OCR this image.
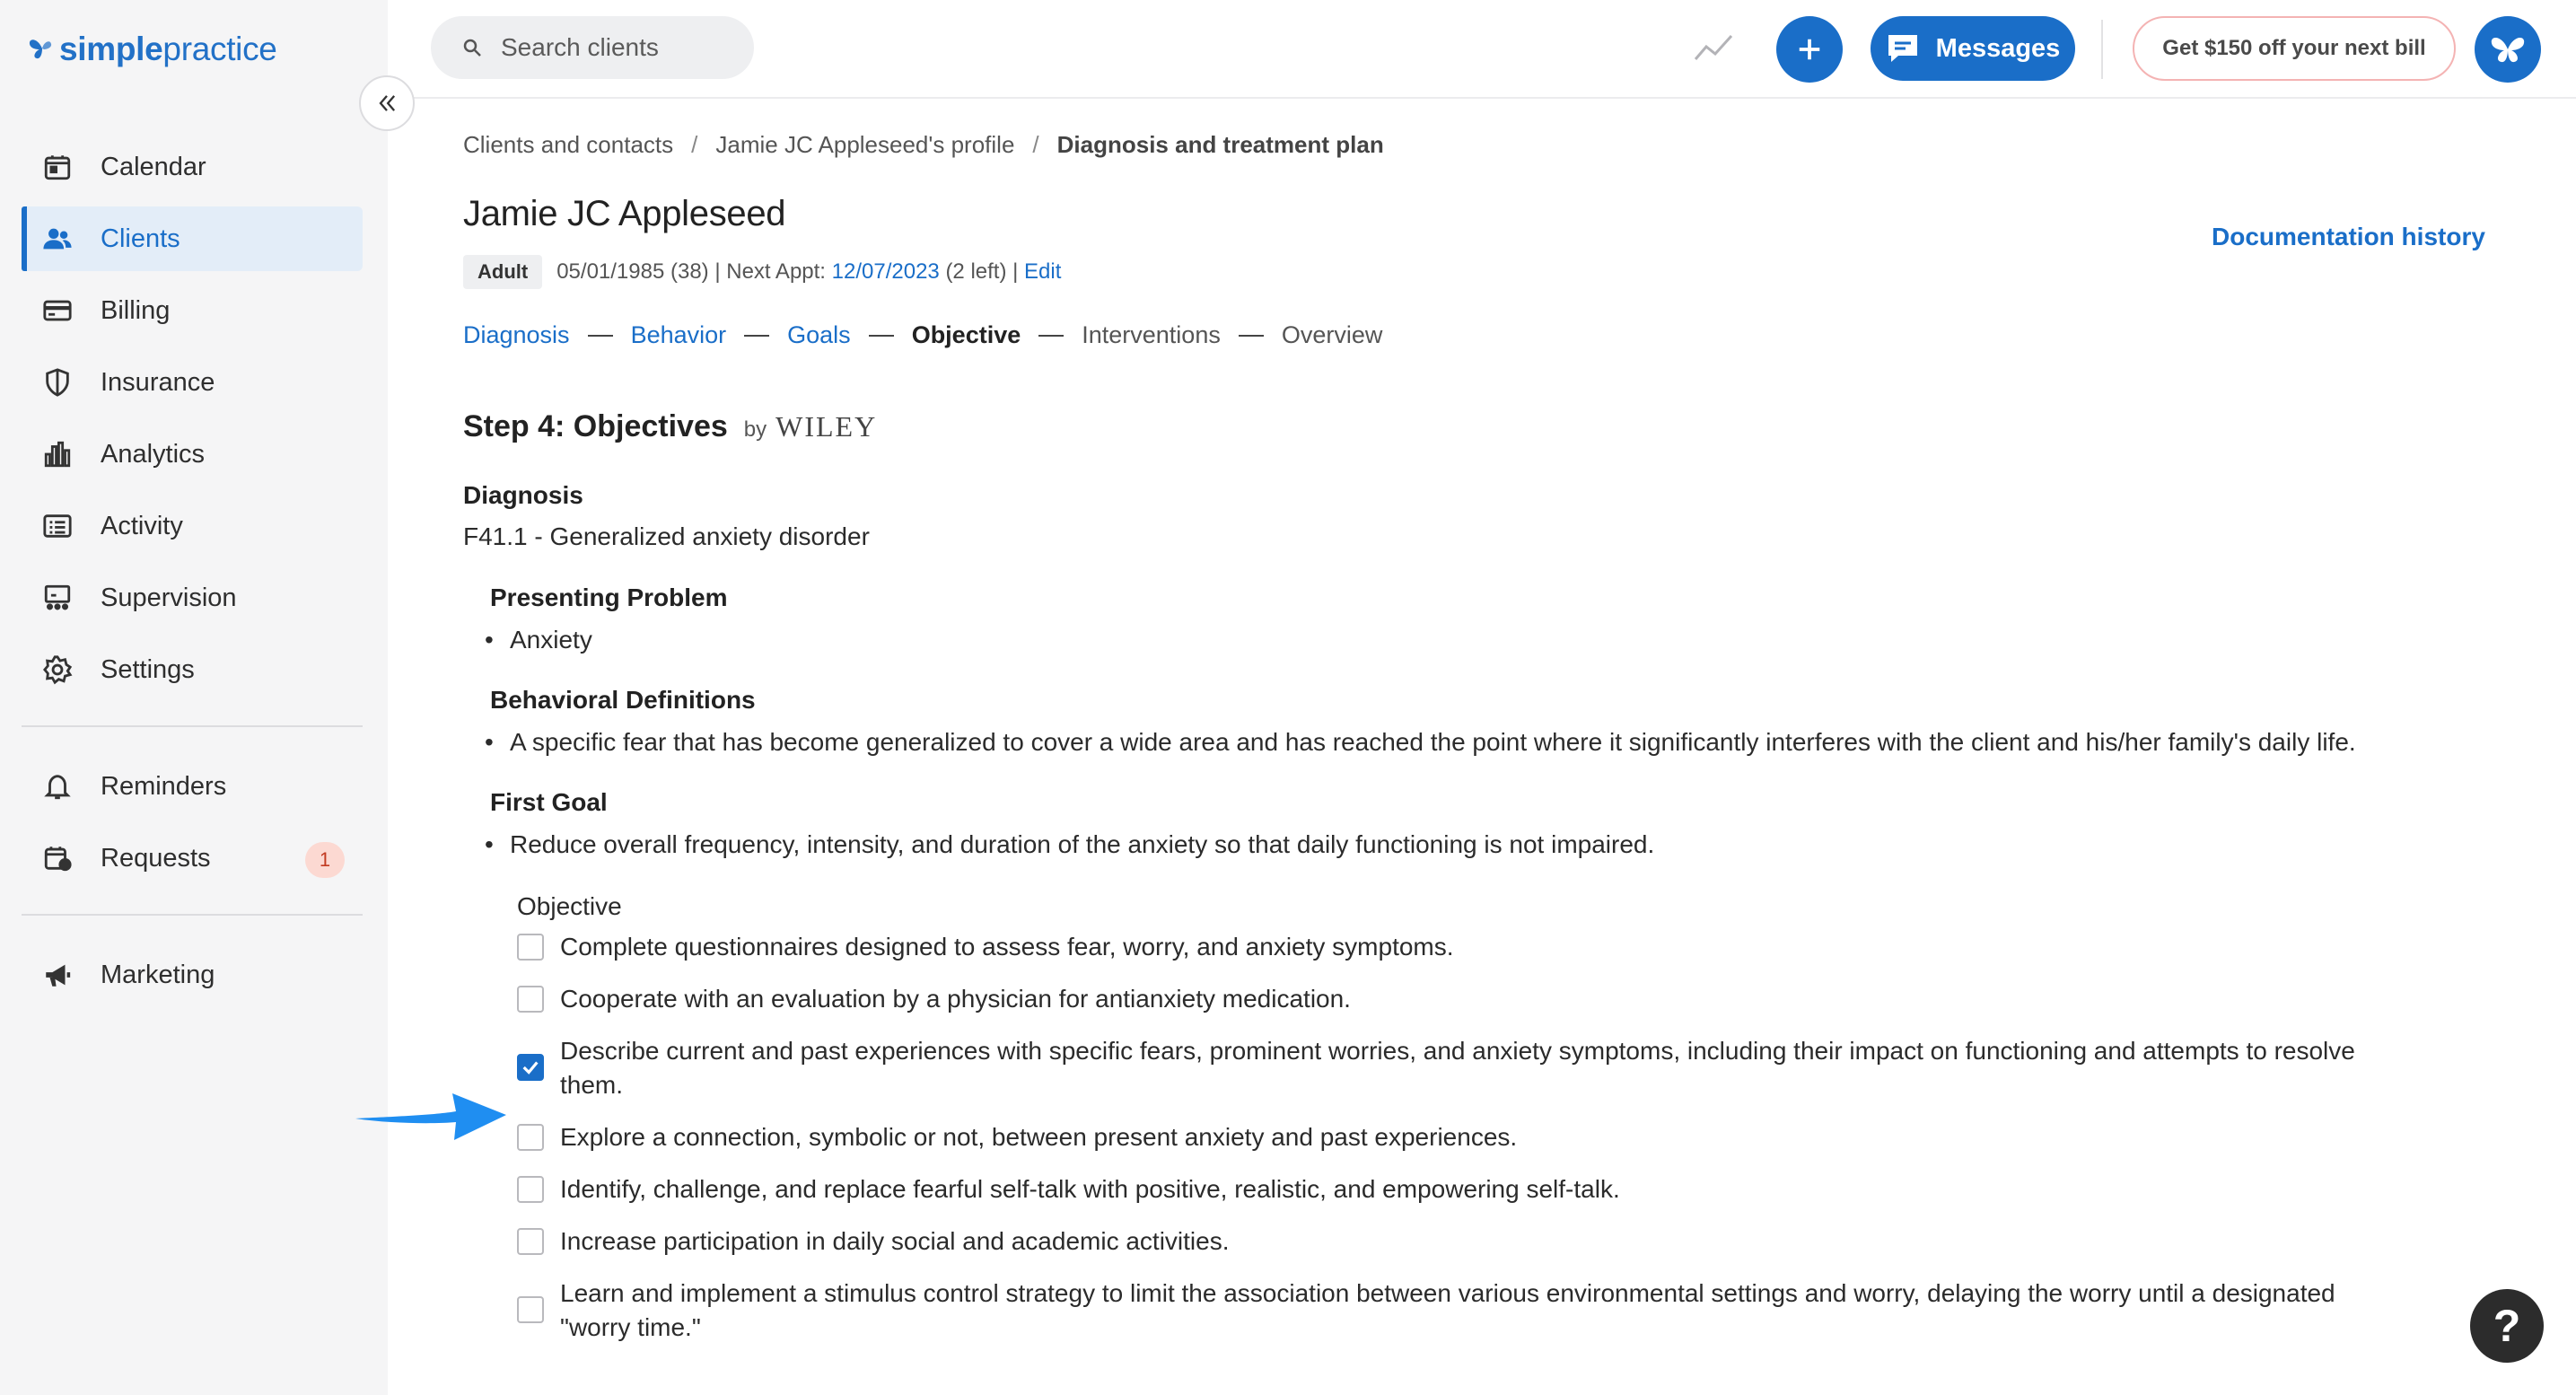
simplepractice
Calendar
Clients
Billing
Insurance
Analytics
Activity
Supervision
Settings
Reminders
Requests	1
Marketing
Search clients
Messages	Get $150 off your next bill
Clients and contacts / Jamie JC Appleseed's profile / Diagnosis and treatment plan
Jamie JC Appleseed
Documentation history
Adult	05/01/1985 (38) | Next Appt:
12/07/2023
(2 left) |
Edit
Diagnosis	Behavior	Goals	Objective	Interventions	Overview
Step 4: Objectives by WILEY
Diagnosis
F41.1 - Generalized anxiety disorder
Presenting Problem
• Anxiety
Behavioral Definitions
• A specific fear that has become generalized to cover a wide area and has reached the point where it significantly interferes with the client and his/her family's daily life.
First Goal
• Reduce overall frequency, intensity, and duration of the anxiety so that daily functioning is not impaired.
Objective
Complete questionnaires designed to assess fear, worry, and anxiety symptoms.
Cooperate with an evaluation by a physician for antianxiety medication.
Describe current and past experiences with specific fears, prominent worries, and anxiety symptoms, including their impact on functioning and attempts to resolve them.
Explore a connection, symbolic or not, between present anxiety and past experiences.
Identify, challenge, and replace fearful self-talk with positive, realistic, and empowering self-talk.
Increase participation in daily social and academic activities.
Learn and implement a stimulus control strategy to limit the association between various environmental settings and worry, delaying the worry until a designated "worry time."	?
